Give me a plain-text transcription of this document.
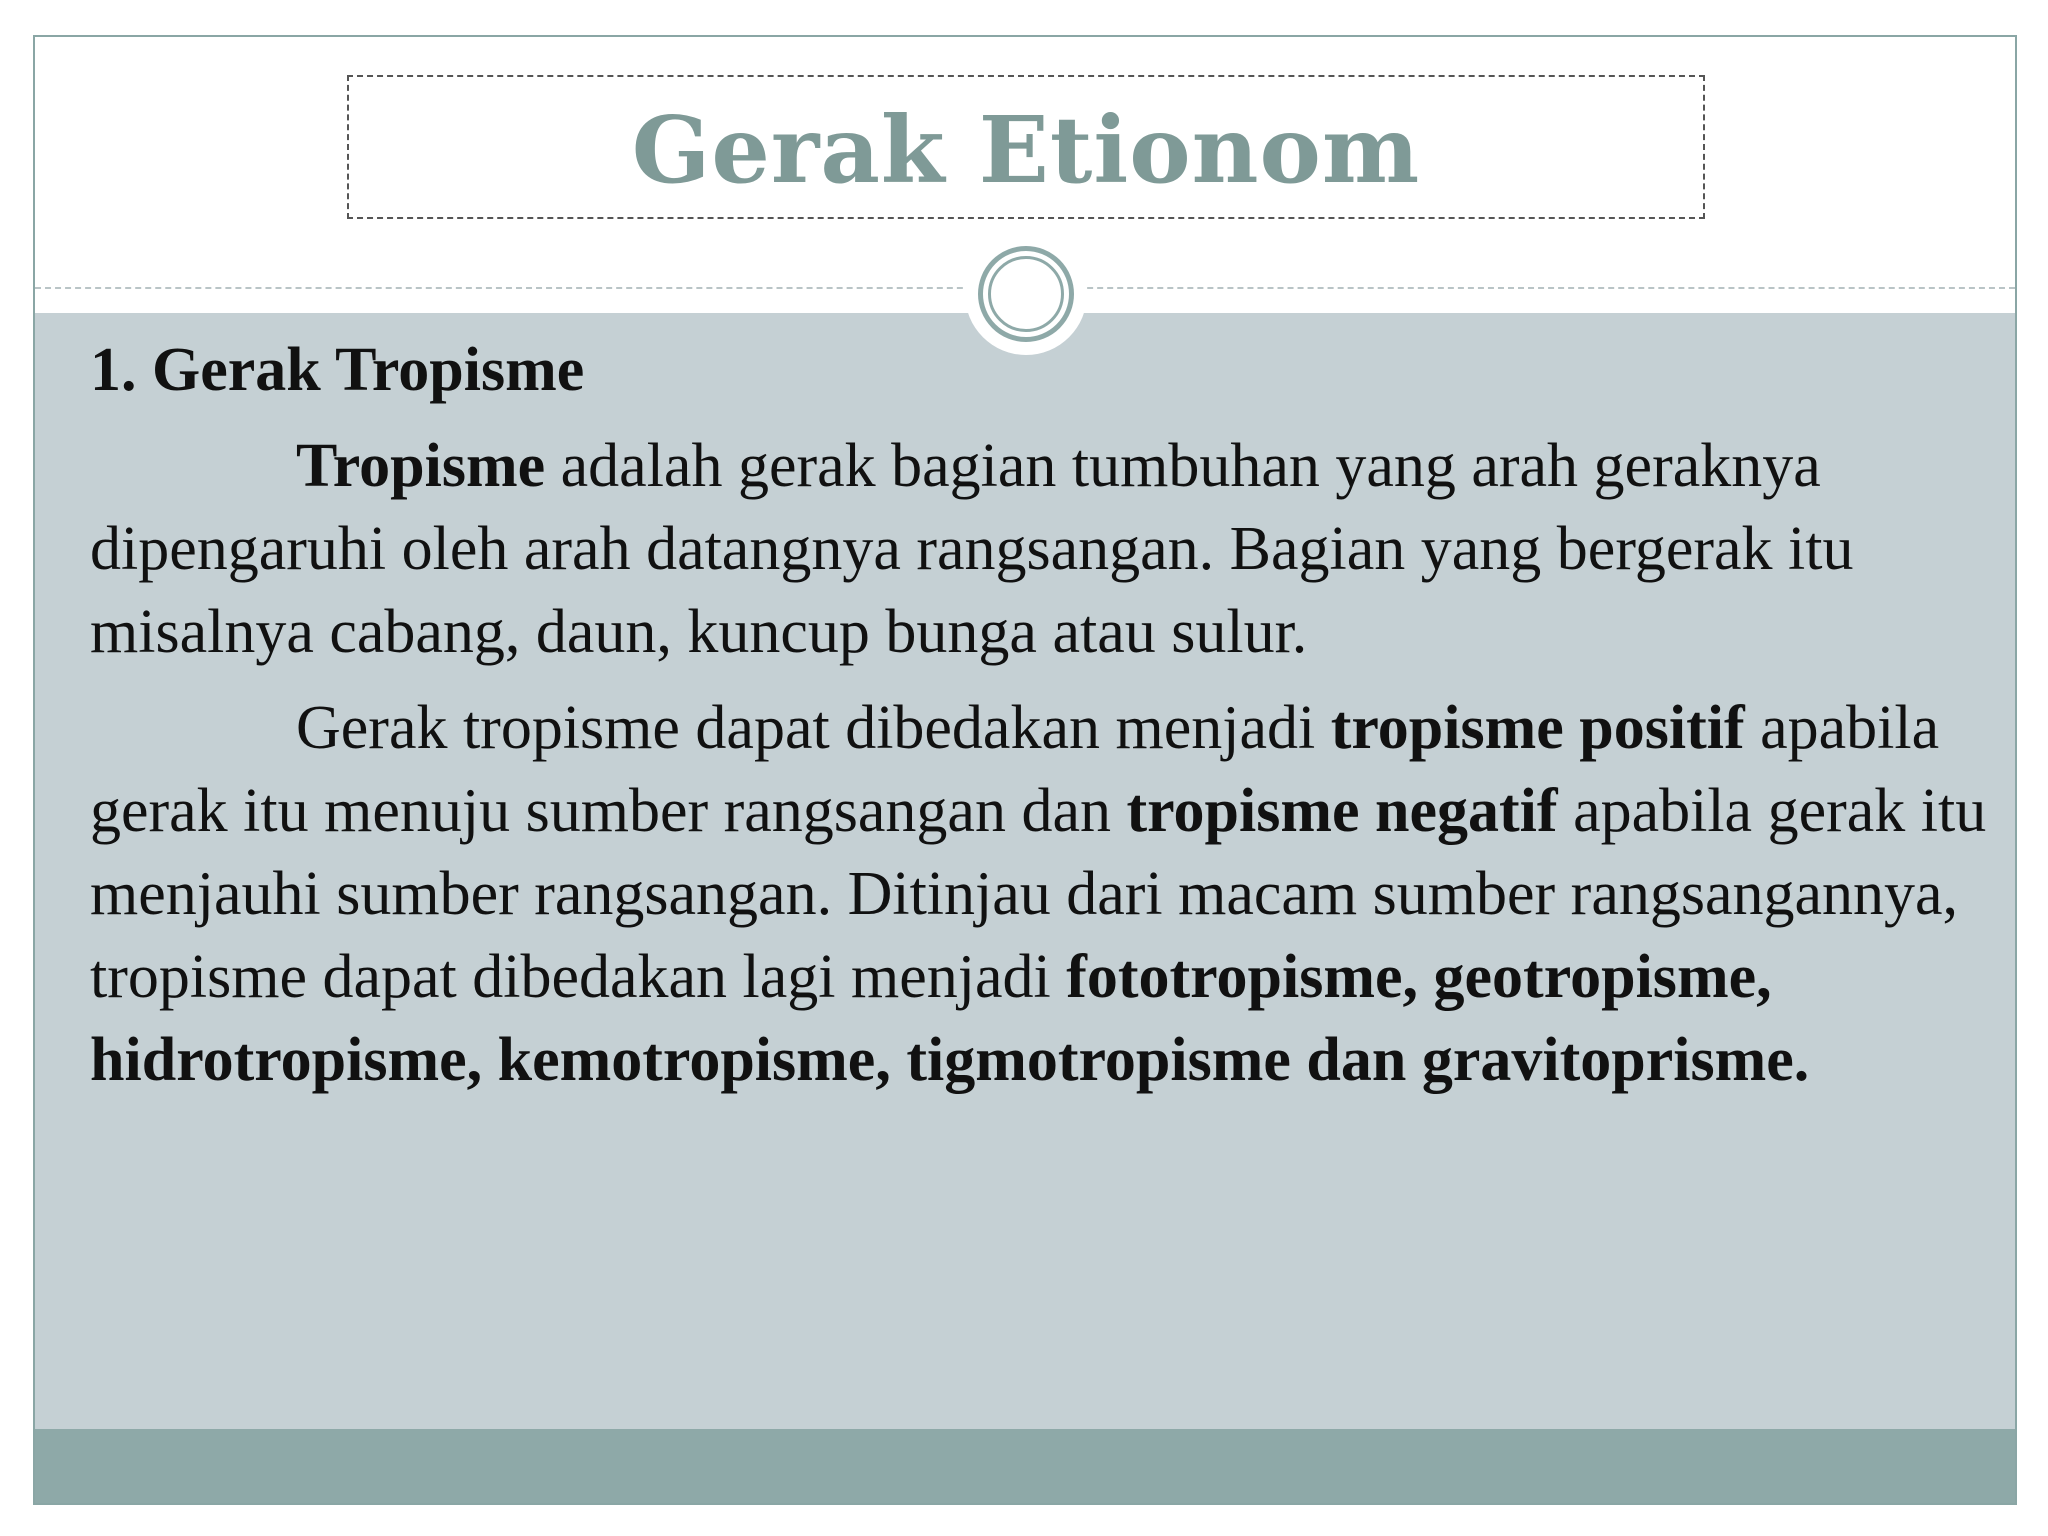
Gerak Etionom

1. Gerak Tropisme

Tropisme adalah gerak bagian tumbuhan yang arah geraknya dipengaruhi oleh arah datangnya rangsangan. Bagian yang bergerak itu misalnya cabang, daun, kuncup bunga atau sulur.

Gerak tropisme dapat dibedakan menjadi tropisme positif apabila gerak itu menuju sumber rangsangan dan tropisme negatif apabila gerak itu menjauhi sumber rangsangan. Ditinjau dari macam sumber rangsangannya, tropisme dapat dibedakan lagi menjadi fototropisme, geotropisme, hidrotropisme, kemotropisme, tigmotropisme dan gravitoprisme.
